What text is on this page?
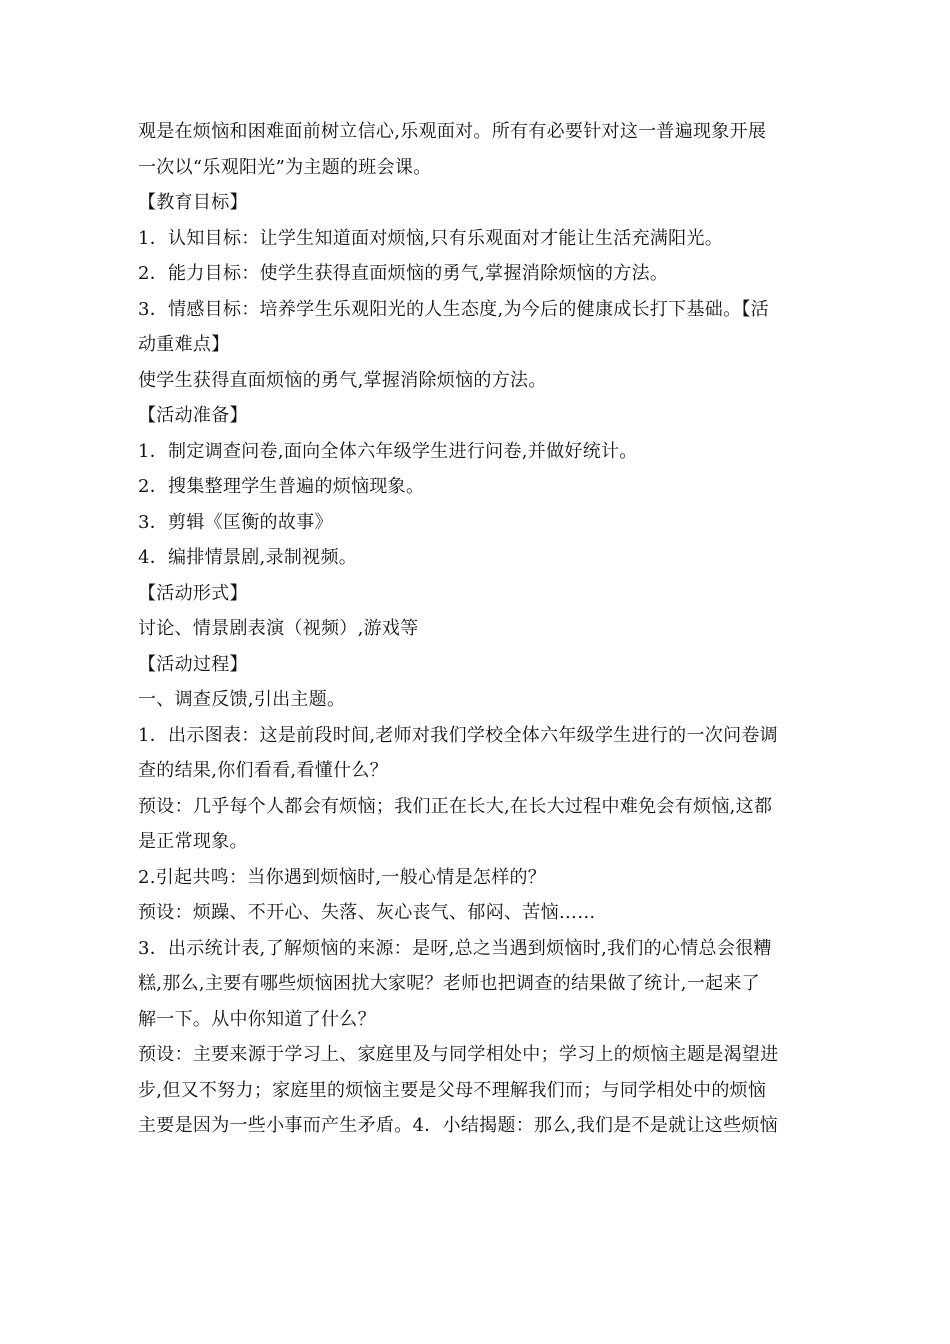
观是在烦恼和困难面前树立信心,乐观面对。所有有必要针对这一普遍现象开展
一次以“乐观阳光”为主题的班会课。
【教育目标】
1．认知目标：让学生知道面对烦恼,只有乐观面对才能让生活充满阳光。
2．能力目标：使学生获得直面烦恼的勇气,掌握消除烦恼的方法。
3．情感目标：培养学生乐观阳光的人生态度,为今后的健康成长打下基础。【活
动重难点】
使学生获得直面烦恼的勇气,掌握消除烦恼的方法。
【活动准备】
1．制定调查问卷,面向全体六年级学生进行问卷,并做好统计。
2．搜集整理学生普遍的烦恼现象。
3．剪辑《匡衡的故事》
4．编排情景剧,录制视频。
【活动形式】
讨论、情景剧表演（视频）,游戏等
【活动过程】
一、调查反馈,引出主题。
1．出示图表：这是前段时间,老师对我们学校全体六年级学生进行的一次问卷调
查的结果,你们看看,看懂什么？
预设：几乎每个人都会有烦恼；我们正在长大,在长大过程中难免会有烦恼,这都
是正常现象。
2.引起共鸣：当你遇到烦恼时,一般心情是怎样的？
预设：烦躁、不开心、失落、灰心丧气、郁闷、苦恼……
3．出示统计表,了解烦恼的来源：是呀,总之当遇到烦恼时,我们的心情总会很糟
糕,那么,主要有哪些烦恼困扰大家呢？老师也把调查的结果做了统计,一起来了
解一下。从中你知道了什么？
预设：主要来源于学习上、家庭里及与同学相处中；学习上的烦恼主题是渴望进
步,但又不努力；家庭里的烦恼主要是父母不理解我们而；与同学相处中的烦恼
主要是因为一些小事而产生矛盾。4．小结揭题：那么,我们是不是就让这些烦恼
